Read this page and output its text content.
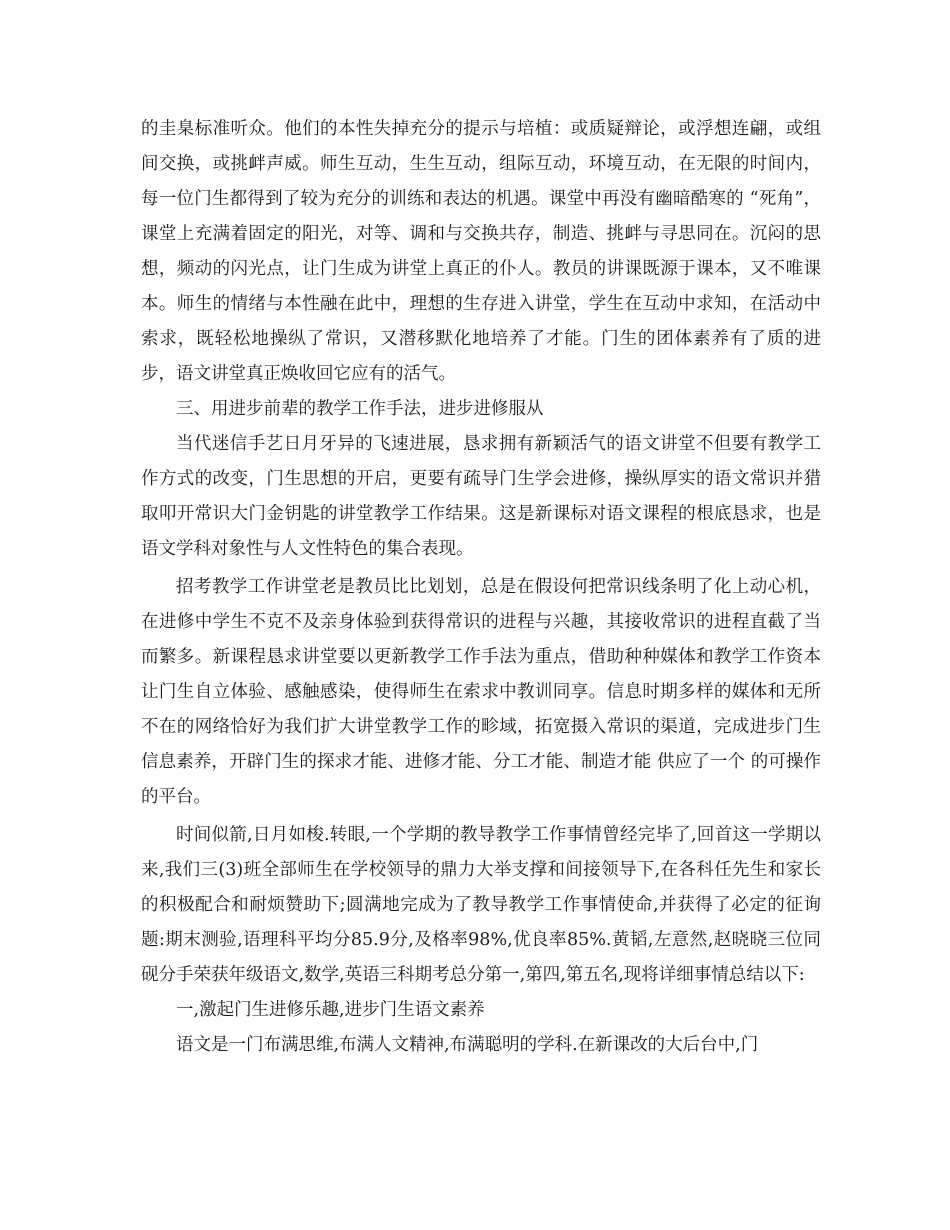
的圭臬标准听众。他们的本性失掉充分的提示与培植：或质疑辩论，或浮想连翩，或组间交换，或挑衅声威。师生互动，生生互动，组际互动，环境互动，在无限的时间内，每一位门生都得到了较为充分的训练和表达的机遇。课堂中再没有幽暗酷寒的 “死角”，课堂上充满着固定的阳光，对等、调和与交换共存，制造、挑衅与寻思同在。沉闷的思想，频动的闪光点，让门生成为讲堂上真正的仆人。教员的讲课既源于课本，又不唯课本。师生的情绪与本性融在此中，理想的生存进入讲堂，学生在互动中求知，在活动中索求，既轻松地操纵了常识，又潜移默化地培养了才能。门生的团体素养有了质的进步，语文讲堂真正焕收回它应有的活气。

三、用进步前辈的教学工作手法，进步进修服从

当代迷信手艺日月牙异的飞速进展，恳求拥有新颖活气的语文讲堂不但要有教学工作方式的改变，门生思想的开启，更要有疏导门生学会进修，操纵厚实的语文常识并猎取叩开常识大门金钥匙的讲堂教学工作结果。这是新课标对语文课程的根底恳求，也是语文学科对象性与人文性特色的集合表现。

招考教学工作讲堂老是教员比比划划，总是在假设何把常识线条明了化上动心机，在进修中学生不克不及亲身体验到获得常识的进程与兴趣，其接收常识的进程直截了当而繁多。新课程恳求讲堂要以更新教学工作手法为重点，借助种种媒体和教学工作资本让门生自立体验、感触感染，使得师生在索求中教训同享。信息时期多样的媒体和无所不在的网络恰好为我们扩大讲堂教学工作的畛域，拓宽摄入常识的渠道，完成进步门生信息素养，开辟门生的探求才能、进修才能、分工才能、制造才能 供应了一个 的可操作的平台。

时间似箭,日月如梭.转眼,一个学期的教导教学工作事情曾经完毕了,回首这一学期以来,我们三(3)班全部师生在学校领导的鼎力大举支撑和间接领导下,在各科任先生和家长的积极配合和耐烦赞助下;圆满地完成为了教导教学工作事情使命,并获得了必定的征询题:期末测验,语理科平均分85.9分,及格率98%,优良率85%.黄韬,左意然,赵晓晓三位同砚分手荣获年级语文,数学,英语三科期考总分第一,第四,第五名,现将详细事情总结以下:

一,激起门生进修乐趣,进步门生语文素养

语文是一门布满思维,布满人文精神,布满聪明的学科.在新课改的大后台中,门
